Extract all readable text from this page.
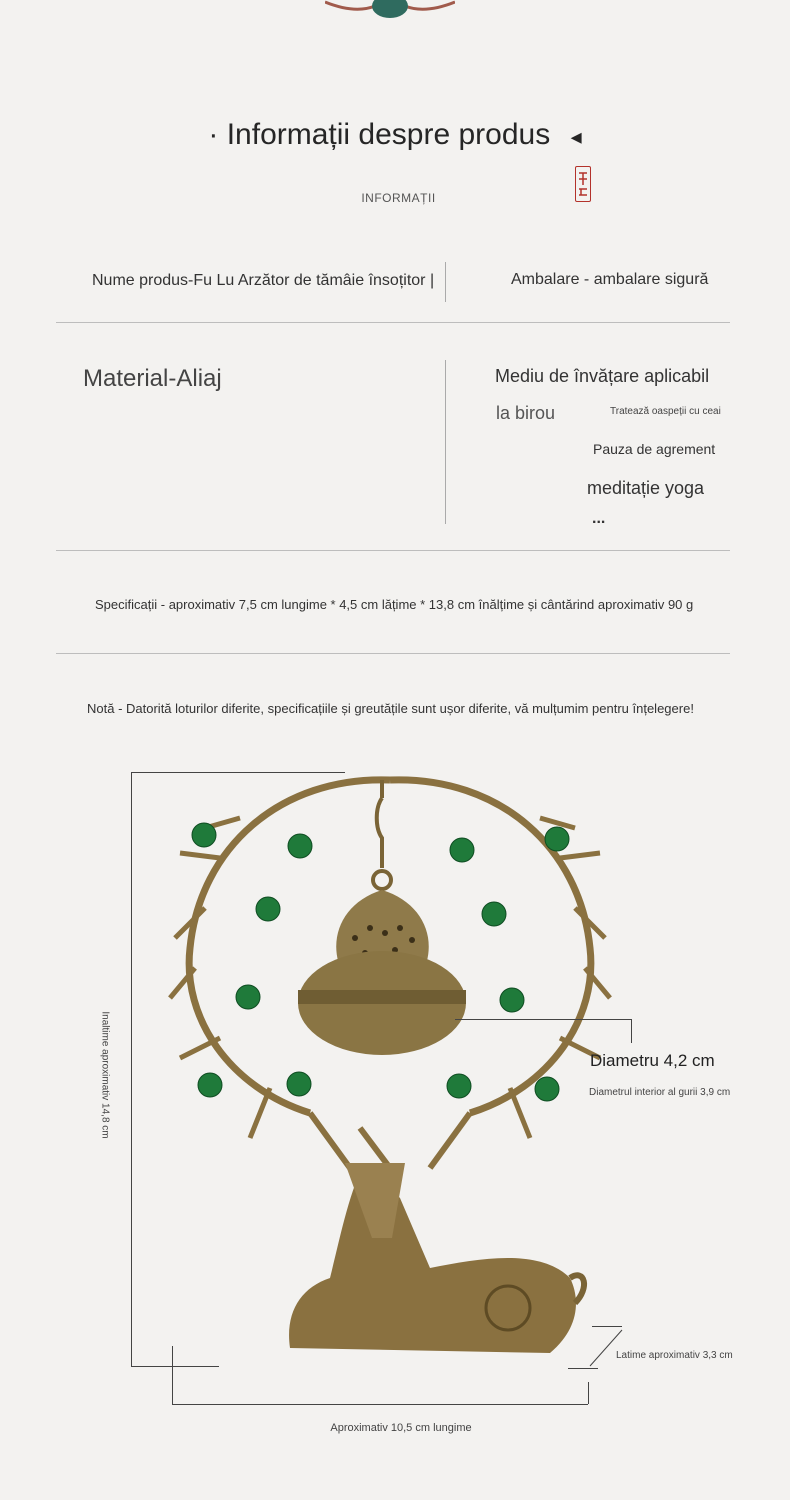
· Informații despre produs ◂
INFORMAȚII
Nume produs-Fu Lu Arzător de tămâie însoțitor |	Ambalare - ambalare sigură
Material-Aliaj	Mediu de învățare aplicabil
la birou	Tratează oaspeții cu ceai
Pauza de agrement
meditație yoga
...
Specificații - aproximativ 7,5 cm lungime * 4,5 cm lățime * 13,8 cm înălțime și cântărind aproximativ 90 g
Notă - Datorită loturilor diferite, specificațiile și greutățile sunt ușor diferite, vă mulțumim pentru înțelegere!
Inaltime aproximativ 14,8 cm	Diametru 4,2 cm
Diametrul interior al gurii 3,9 cm
Latime aproximativ 3,3 cm
Aproximativ 10,5 cm lungime
